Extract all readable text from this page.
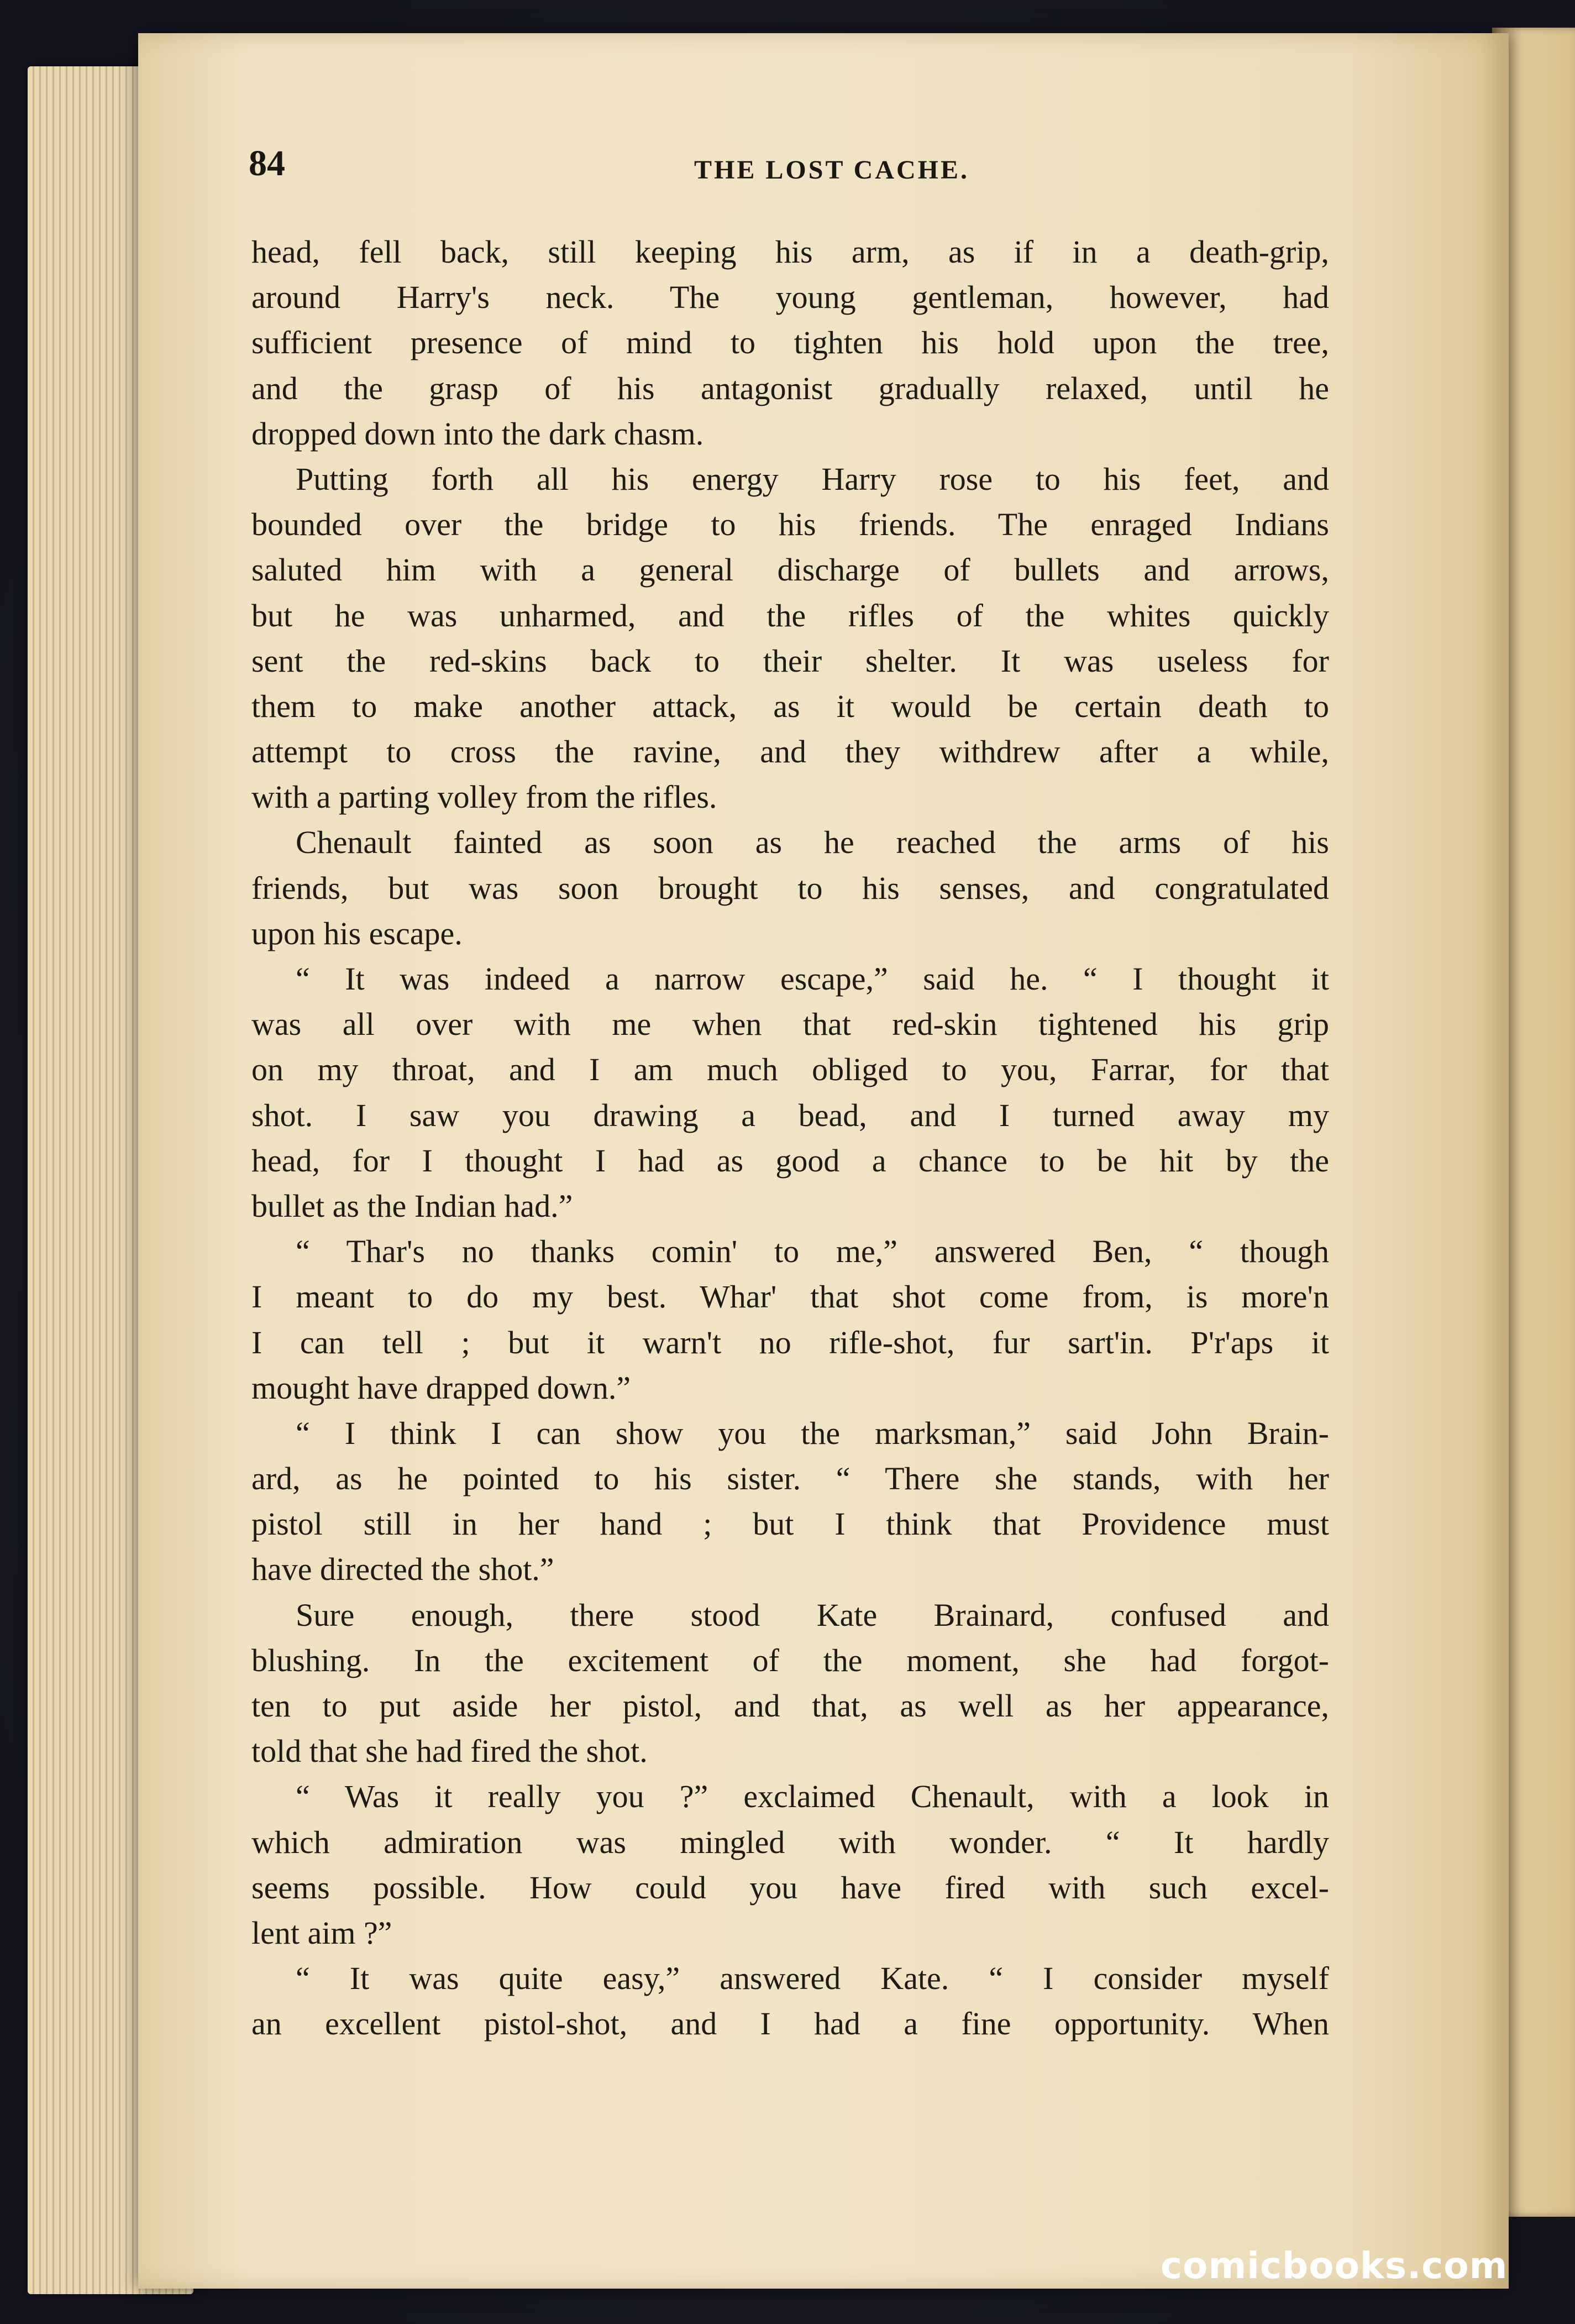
84	THE LOST CACHE.
head, fell back, still keeping his arm, as if in a death-grip,
around Harry's neck. The young gentleman, however, had
sufficient presence of mind to tighten his hold upon the tree,
and the grasp of his antagonist gradually relaxed, until he
dropped down into the dark chasm.
Putting forth all his energy Harry rose to his feet, and
bounded over the bridge to his friends. The enraged Indians
saluted him with a general discharge of bullets and arrows,
but he was unharmed, and the rifles of the whites quickly
sent the red-skins back to their shelter. It was useless for
them to make another attack, as it would be certain death to
attempt to cross the ravine, and they withdrew after a while,
with a parting volley from the rifles.
Chenault fainted as soon as he reached the arms of his
friends, but was soon brought to his senses, and congratulated
upon his escape.
“ It was indeed a narrow escape,” said he. “ I thought it
was all over with me when that red-skin tightened his grip
on my throat, and I am much obliged to you, Farrar, for that
shot. I saw you drawing a bead, and I turned away my
head, for I thought I had as good a chance to be hit by the
bullet as the Indian had.”
“ Thar's no thanks comin' to me,” answered Ben, “ though
I meant to do my best. Whar' that shot come from, is more'n
I can tell ; but it warn't no rifle-shot, fur sart'in. P'r'aps it
mought have drapped down.”
“ I think I can show you the marksman,” said John Brain-
ard, as he pointed to his sister. “ There she stands, with her
pistol still in her hand ; but I think that Providence must
have directed the shot.”
Sure enough, there stood Kate Brainard, confused and
blushing. In the excitement of the moment, she had forgot-
ten to put aside her pistol, and that, as well as her appearance,
told that she had fired the shot.
“ Was it really you ?” exclaimed Chenault, with a look in
which admiration was mingled with wonder. “ It hardly
seems possible. How could you have fired with such excel-
lent aim ?”
“ It was quite easy,” answered Kate. “ I consider myself
an excellent pistol-shot, and I had a fine opportunity. When
comicbooks.com
